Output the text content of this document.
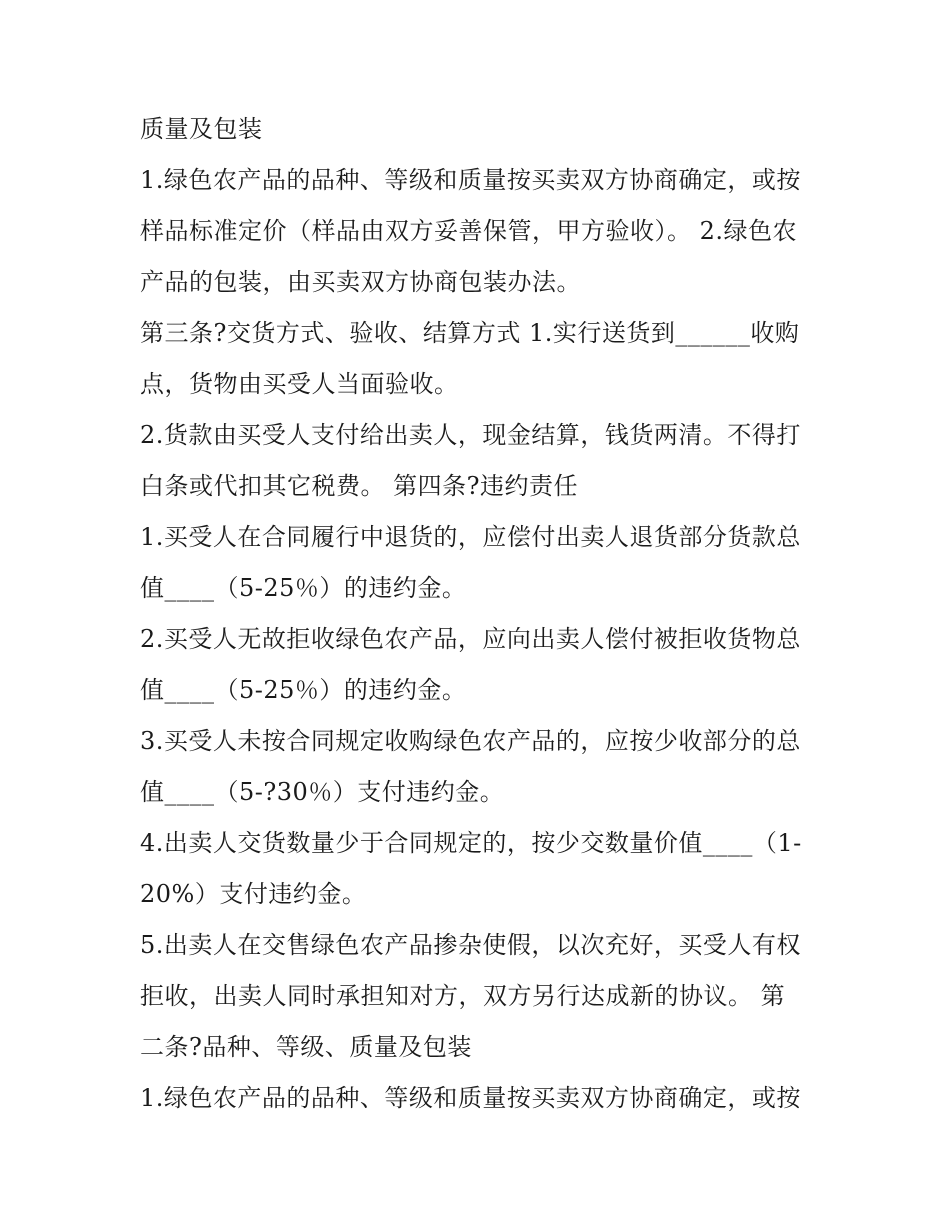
质量及包装
1.绿色农产品的品种、等级和质量按买卖双方协商确定，或按
样品标准定价（样品由双方妥善保管，甲方验收）。 2.绿色农
产品的包装，由买卖双方协商包装办法。
第三条?交货方式、验收、结算方式 1.实行送货到______收购
点，货物由买受人当面验收。
2.货款由买受人支付给出卖人，现金结算，钱货两清。不得打
白条或代扣其它税费。 第四条?违约责任
1.买受人在合同履行中退货的，应偿付出卖人退货部分货款总
值____（5-25％）的违约金。
2.买受人无故拒收绿色农产品，应向出卖人偿付被拒收货物总
值____（5-25％）的违约金。
3.买受人未按合同规定收购绿色农产品的，应按少收部分的总
值____（5-?30％）支付违约金。
4.出卖人交货数量少于合同规定的，按少交数量价值____（1-
20%）支付违约金。
5.出卖人在交售绿色农产品掺杂使假，以次充好，买受人有权
拒收，出卖人同时承担知对方，双方另行达成新的协议。 第
二条?品种、等级、质量及包装
1.绿色农产品的品种、等级和质量按买卖双方协商确定，或按
